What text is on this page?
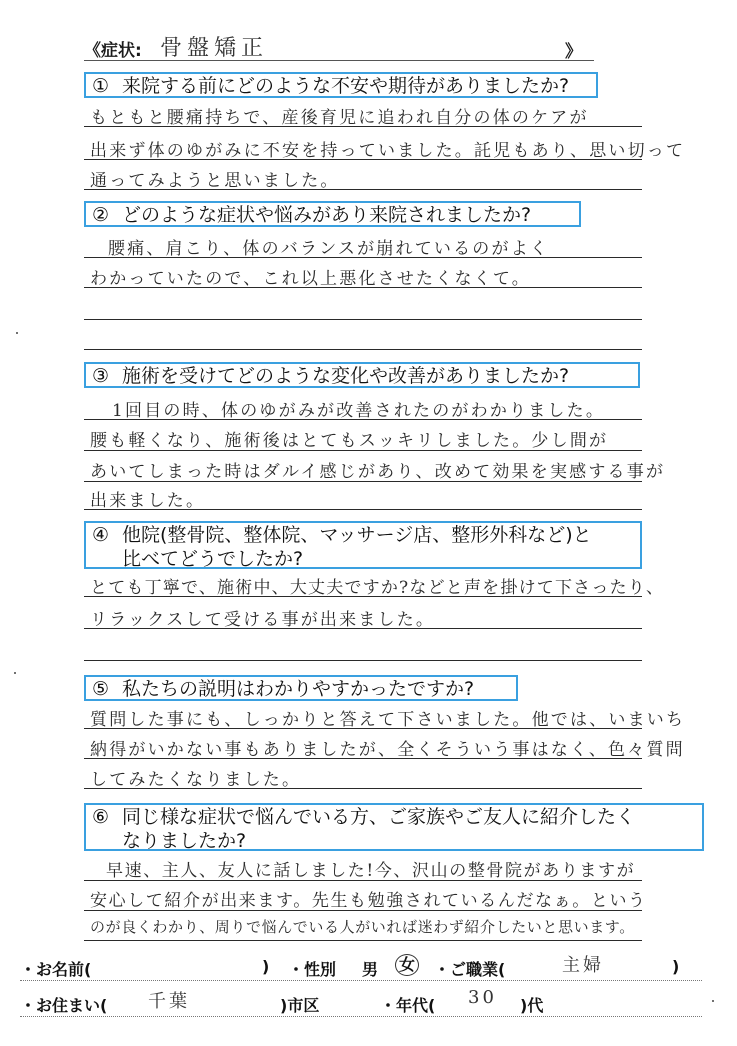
《症状: 骨盤矯正	》
① 来院する前にどのような不安や期待がありましたか?
もともと腰痛持ちで、産後育児に追われ自分の体のケアが
出来ず体のゆがみに不安を持っていました。託児もあり、思い切って
通ってみようと思いました。
② どのような症状や悩みがあり来院されましたか?
腰痛、肩こり、体のバランスが崩れているのがよく
わかっていたので、これ以上悪化させたくなくて。
③ 施術を受けてどのような変化や改善がありましたか?
1回目の時、体のゆがみが改善されたのがわかりました。
腰も軽くなり、施術後はとてもスッキリしました。少し間が
あいてしまった時はダルイ感じがあり、改めて効果を実感する事が
出来ました。
④ 他院(整骨院、整体院、マッサージ店、整形外科など)と
比べてどうでしたか?
とても丁寧で、施術中、大丈夫ですか?などと声を掛けて下さったり、
リラックスして受ける事が出来ました。
⑤ 私たちの説明はわかりやすかったですか?
質問した事にも、しっかりと答えて下さいました。他では、いまいち
納得がいかない事もありましたが、全くそういう事はなく、色々質問
してみたくなりました。
⑥ 同じ様な症状で悩んでいる方、ご家族やご友人に紹介したく
なりましたか?
早速、主人、友人に話しました!今、沢山の整骨院がありますが
安心して紹介が出来ます。先生も勉強されているんだなぁ。という
のが良くわかり、周りで悩んでいる人がいれば迷わず紹介したいと思います。
・お名前(	) ・性別 男 女 ・ご職業(	主婦	)
・お住まい( 千葉	)市区	・年代( 30 )代
